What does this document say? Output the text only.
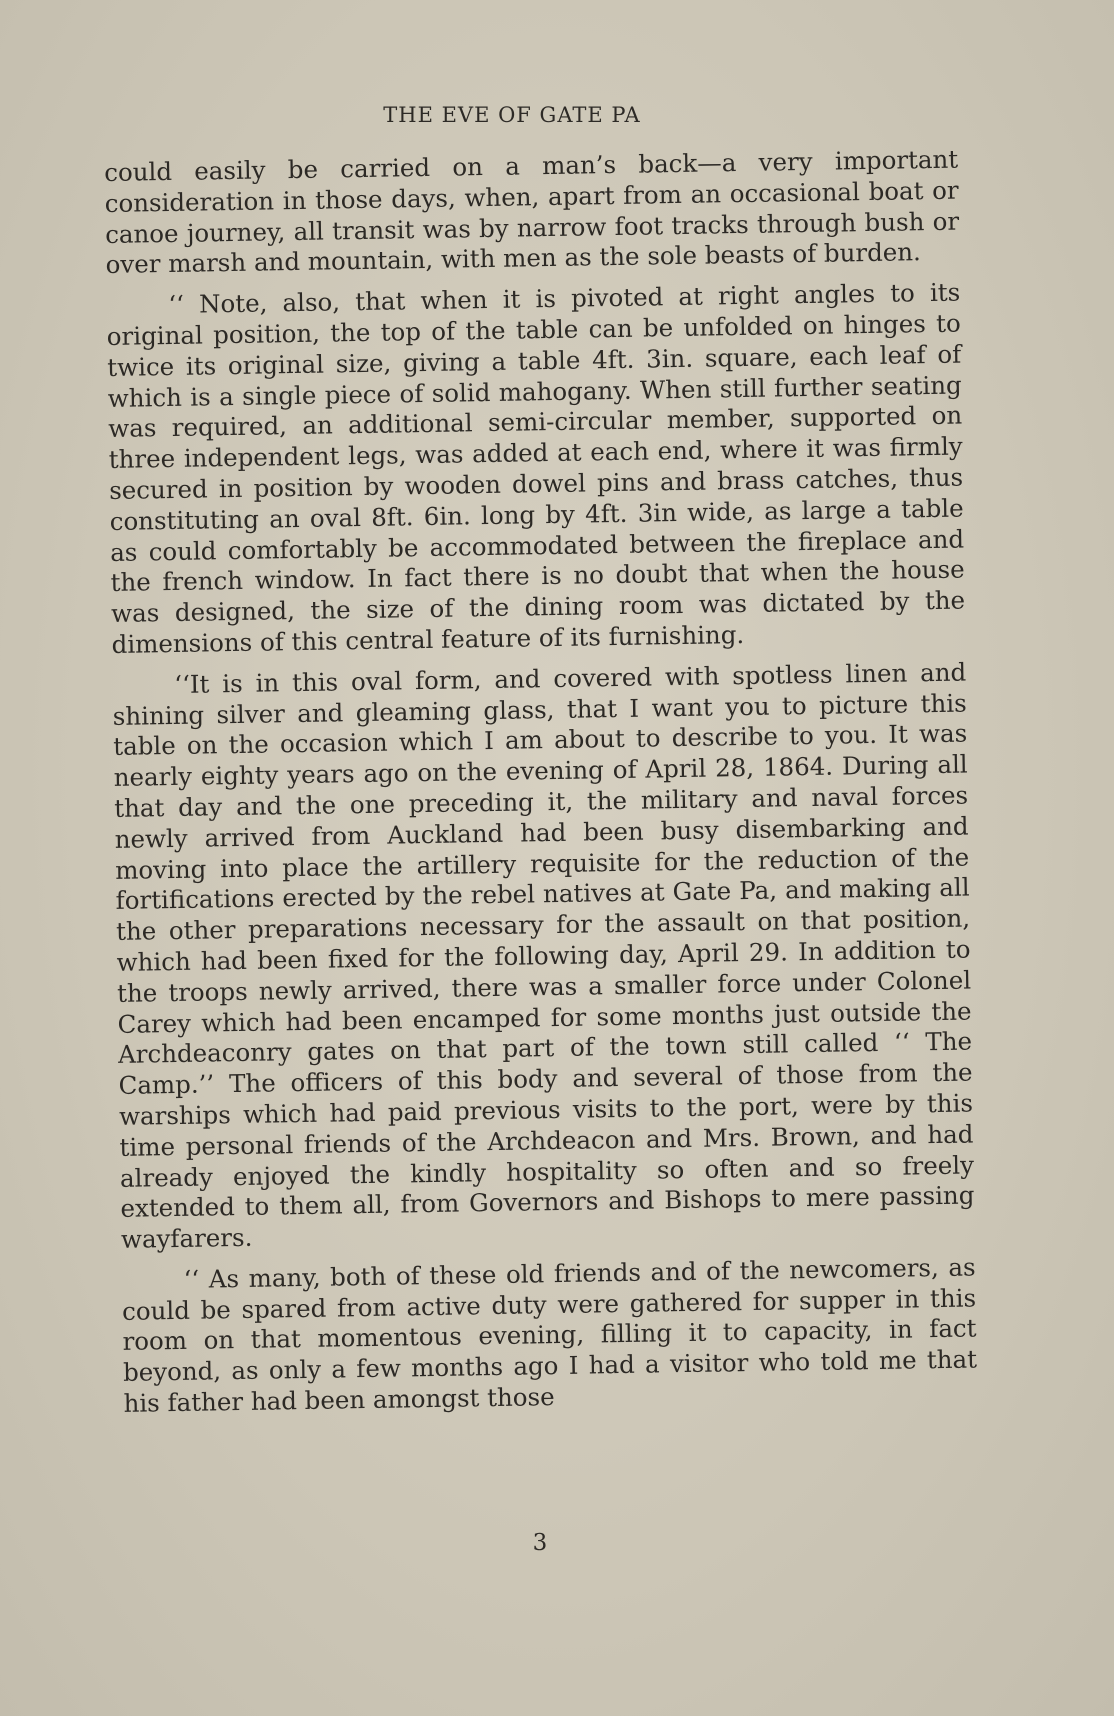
THE EVE OF GATE PA

could easily be carried on a man’s back—a very important consideration in those days, when, apart from an occasional boat or canoe journey, all transit was by narrow foot tracks through bush or over marsh and mountain, with men as the sole beasts of burden.

‘‘ Note, also, that when it is pivoted at right angles to its original position, the top of the table can be unfolded on hinges to twice its original size, giving a table 4ft. 3in. square, each leaf of which is a single piece of solid mahogany. When still further seating was required, an additional semi-circular member, supported on three independent legs, was added at each end, where it was firmly secured in position by wooden dowel pins and brass catches, thus constituting an oval 8ft. 6in. long by 4ft. 3in wide, as large a table as could comfortably be accommodated between the fireplace and the french window. In fact there is no doubt that when the house was designed, the size of the dining room was dictated by the dimensions of this central feature of its furnishing.

‘‘It is in this oval form, and covered with spotless linen and shining silver and gleaming glass, that I want you to picture this table on the occasion which I am about to describe to you. It was nearly eighty years ago on the evening of April 28, 1864. During all that day and the one preceding it, the military and naval forces newly arrived from Auckland had been busy disembarking and moving into place the artillery requisite for the reduction of the fortifications erected by the rebel natives at Gate Pa, and making all the other preparations necessary for the assault on that position, which had been fixed for the following day, April 29. In addition to the troops newly arrived, there was a smaller force under Colonel Carey which had been encamped for some months just outside the Archdeaconry gates on that part of the town still called ‘‘ The Camp.’’ The officers of this body and several of those from the warships which had paid previous visits to the port, were by this time personal friends of the Archdeacon and Mrs. Brown, and had already enjoyed the kindly hospitality so often and so freely extended to them all, from Governors and Bishops to mere passing wayfarers.

‘‘ As many, both of these old friends and of the newcomers, as could be spared from active duty were gathered for supper in this room on that momentous evening, filling it to capacity, in fact beyond, as only a few months ago I had a visitor who told me that his father had been amongst those

3
